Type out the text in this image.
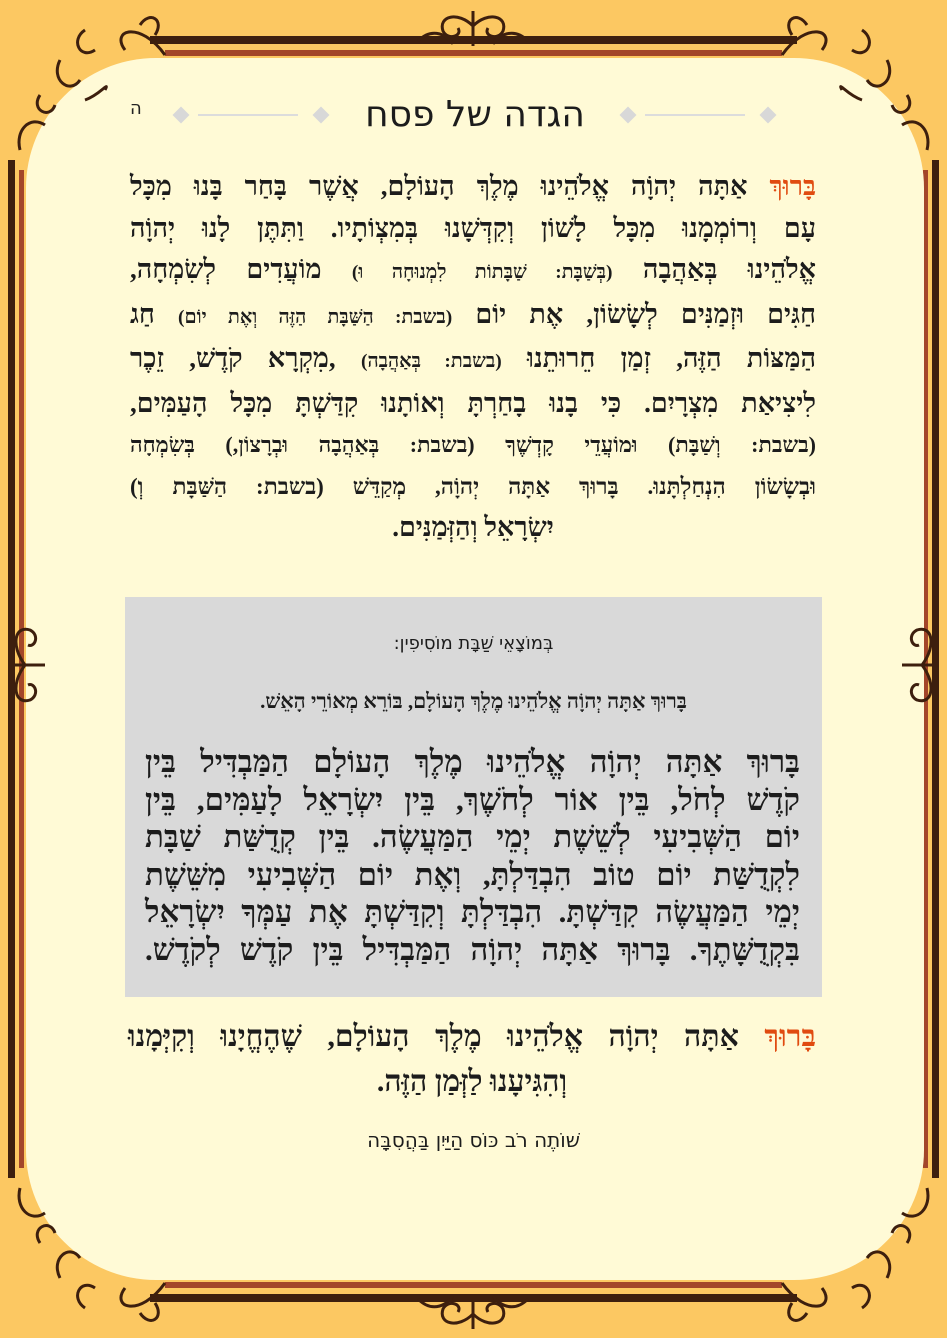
ה	הגדה של פסח
בָּרוּךְ אַתָּה יְהוָֹה אֱלֹהֵינוּ מֶלֶךְ הָעוֹלָם, אֲשֶׁר בָּחַר בָּנוּ מִכָּל
עָם וְרוֹמְמָנוּ מִכָּל לָשׁוֹן וְקִדְּשָׁנוּ בְּמִצְוֹתָיו. וַתִּתֶּן לָנוּ יְהוָֹה
אֱלֹהֵינוּ בְּאַהֲבָה (בְּשַׁבָּת: שַׁבָּתוֹת לִמְנוּחָה וּ) מוֹעֲדִים לְשִׂמְחָה,
חַגִּים וּזְמַנִּים לְשָׂשׂוֹן, אֶת יוֹם (בשבת: הַשַּׁבָּת הַזֶּה וְאֶת יוֹם) חַג
הַמַּצּוֹת הַזֶּה, זְמַן חֵרוּתֵנוּ (בשבת: בְּאַהֲבָה) ,מִקְרָא קֹדֶשׁ, זֵכֶר
לִיצִיאַת מִצְרָיִם. כִּי בָנוּ בָחַרְתָּ וְאוֹתָנוּ קִדַּשְׁתָּ מִכָּל הָעַמִּים,
(בשבת: וְשַׁבָּת) וּמוֹעֲדֵי קָדְשֶׁךָ (בשבת: בְּאַהֲבָה וּבְרָצוֹן,) בְּשִׂמְחָה
וּבְשָׂשׂוֹן הִנְחַלְתָּנוּ. בָּרוּךְ אַתָּה יְהוָֹה, מְקַדֵּשׁ (בשבת: הַשַּׁבָּת וְ)
יִשְׂרָאֵל וְהַזְּמַנִּים.
בְּמוֹצָאֵי שַׁבָּת מוֹסִיפִין:
בָּרוּךְ אַתָּה יְהוָֹה אֱלֹהֵינוּ מֶלֶךְ הָעוֹלָם, בּוֹרֵא מְאוֹרֵי הָאֵשׁ.
בָּרוּךְ אַתָּה יְהוָֹה אֱלֹהֵינוּ מֶלֶךְ הָעוֹלָם הַמַּבְדִּיל בֵּין
קֹדֶשׁ לְחֹל, בֵּין אוֹר לְחֹשֶׁךְ, בֵּין יִשְׂרָאֵל לָעַמִּים, בֵּין
יוֹם הַשְּׁבִיעִי לְשֵׁשֶׁת יְמֵי הַמַּעֲשֶׂה. בֵּין קְדֻשַּׁת שַׁבָּת
לִקְדֻשַּׁת יוֹם טוֹב הִבְדַּלְתָּ, וְאֶת יוֹם הַשְּׁבִיעִי מִשֵּׁשֶׁת
יְמֵי הַמַּעֲשֶׂה קִדַּשְׁתָּ. הִבְדַּלְתָּ וְקִדַּשְׁתָּ אֶת עַמְּךָ יִשְׂרָאֵל
בִּקְדֻשָּׁתֶךָ. בָּרוּךְ אַתָּה יְהוָֹה הַמַּבְדִּיל בֵּין קֹדֶשׁ לְקֹדֶשׁ.
בָּרוּךְ אַתָּה יְהוָֹה אֱלֹהֵינוּ מֶלֶךְ הָעוֹלָם, שֶׁהֶחֱיָנוּ וְקִיְּמָנוּ
וְהִגִּיעָנוּ לַזְּמַן הַזֶּה.
שׁוֹתֶה רֹב כּוֹס הַיַּיִן בַּהֲסִבָּה
